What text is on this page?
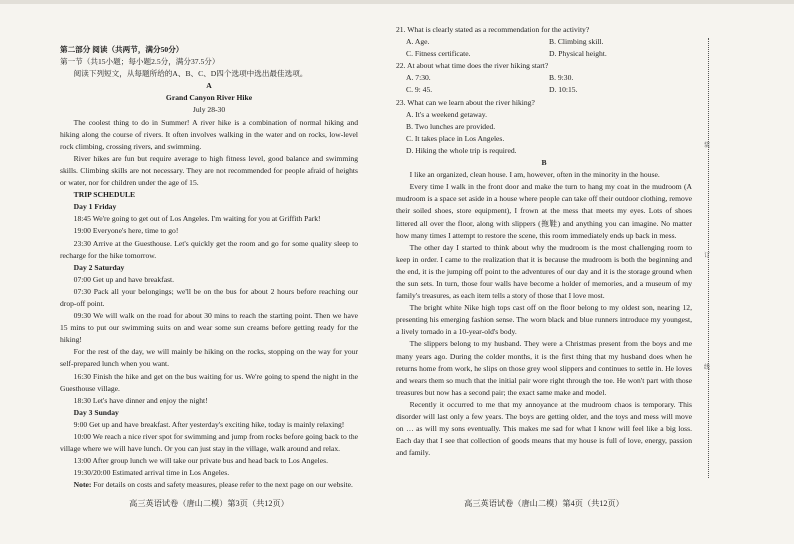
第二部分 阅读（共两节，满分50分）

第一节（共15小题；每小题2.5分，满分37.5分）

阅读下列短文，从每题所给的A、B、C、D四个选项中选出最佳选项。

A

Grand Canyon River Hike

July 28-30

The coolest thing to do in Summer! A river hike is a combination of normal hiking and hiking along the course of rivers. It often involves walking in the water and on rocks, low-level rock climbing, crossing rivers, and swimming.

River hikes are fun but require average to high fitness level, good balance and swimming skills. Climbing skills are not necessary. They are not recommended for people afraid of heights or water, nor for children under the age of 15.

TRIP SCHEDULE

Day 1 Friday

18:45 We're going to get out of Los Angeles. I'm waiting for you at Griffith Park!

19:00 Everyone's here, time to go!

23:30 Arrive at the Guesthouse. Let's quickly get the room and go for some quality sleep to recharge for the hike tomorrow.

Day 2 Saturday

07:00 Get up and have breakfast.

07:30 Pack all your belongings; we'll be on the bus for about 2 hours before reaching our drop-off point.

09:30 We will walk on the road for about 30 mins to reach the starting point. Then we have 15 mins to put our swimming suits on and wear some sun creams before getting ready for the hiking!

For the rest of the day, we will mainly be hiking on the rocks, stopping on the way for your self-prepared lunch when you want.

16:30 Finish the hike and get on the bus waiting for us. We're going to spend the night in the Guesthouse village.

18:30 Let's have dinner and enjoy the night!

Day 3 Sunday

9:00 Get up and have breakfast. After yesterday's exciting hike, today is mainly relaxing!

10:00 We reach a nice river spot for swimming and jump from rocks before going back to the village where we will have lunch. Or you can just stay in the village, walk around and relax.

13:00 After group lunch we will take our private bus and head back to Los Angeles.

19:30/20:00 Estimated arrival time in Los Angeles.

Note: For details on costs and safety measures, please refer to the next page on our website.

高三英语试卷（唐山二模）第3页（共12页）

21. What is clearly stated as a recommendation for the activity?

A. Age.	B. Climbing skill.
C. Fitness certificate.	D. Physical height.

22. At about what time does the river hiking start?

A. 7:30.	B. 9:30.
C. 9: 45.	D. 10:15.

23. What can we learn about the river hiking?

A. It's a weekend getaway.

B. Two lunches are provided.

C. It takes place in Los Angeles.

D. Hiking the whole trip is required.

B

I like an organized, clean house. I am, however, often in the minority in the house.

Every time I walk in the front door and make the turn to hang my coat in the mudroom (A mudroom is a space set aside in a house where people can take off their outdoor clothing, remove their soiled shoes, store equipment), I frown at the mess that meets my eyes. Lots of shoes littered all over the floor, along with slippers (拖鞋) and anything you can imagine. No matter how many times I attempt to restore the scene, this room immediately ends up back in mess.

The other day I started to think about why the mudroom is the most challenging room to keep in order. I came to the realization that it is because the mudroom is both the beginning and the end, it is the jumping off point to the adventures of our day and it is the storage ground when the sun sets. In turn, those four walls have become a holder of memories, and a museum of my family's treasures, as each item tells a story of those that I love most.

The bright white Nike high tops cast off on the floor belong to my oldest son, nearing 12, presenting his emerging fashion sense. The worn black and blue runners introduce my youngest, a lively tornado in a 10-year-old's body.

The slippers belong to my husband. They were a Christmas present from the boys and me many years ago. During the colder months, it is the first thing that my husband does when he returns home from work, he slips on those grey wool slippers and continues to settle in. He loves and wears them so much that the initial pair wore right through the toe. He won't part with those treasures but now has a second pair; the exact same make and model.

Recently it occurred to me that my annoyance at the mudroom chaos is temporary. This disorder will last only a few years. The boys are getting older, and the toys and mess will move on … as will my sons eventually. This makes me sad for what I know will feel like a big loss. Each day that I see that collection of goods means that my house is full of love, energy, passion and family.

高三英语试卷（唐山二模）第4页（共12页）
装
订
线
